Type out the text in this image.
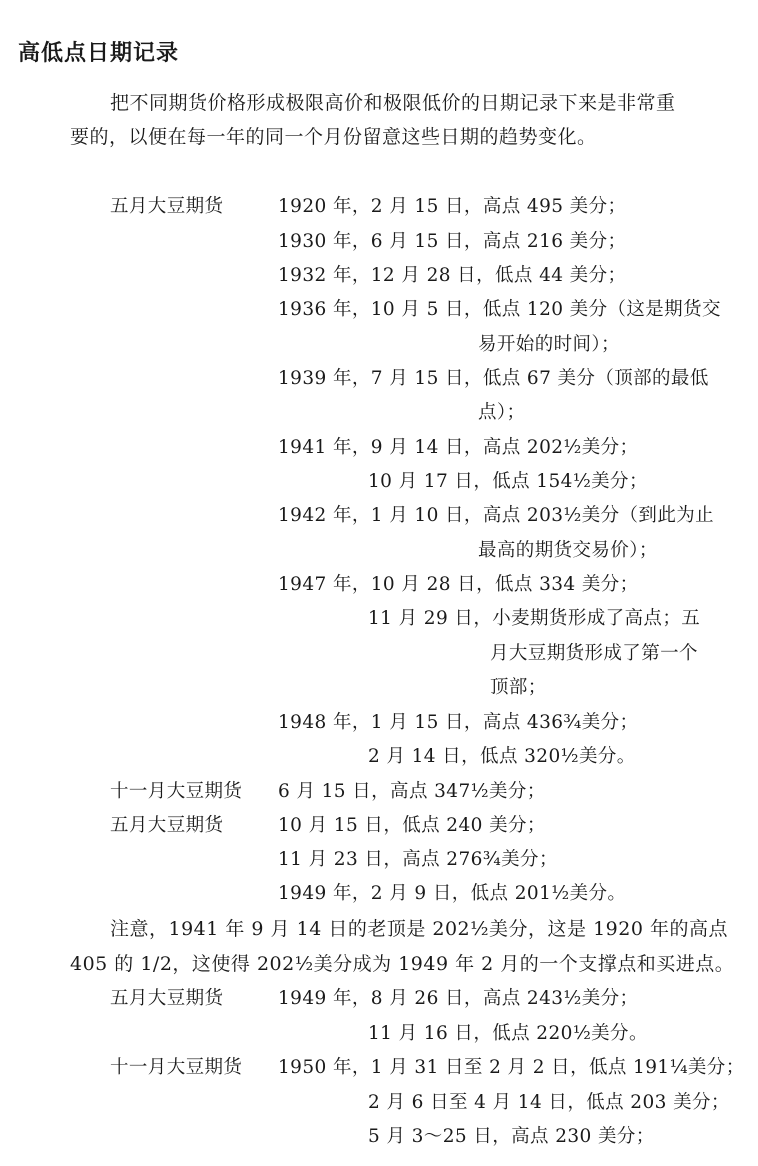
高低点日期记录
把不同期货价格形成极限高价和极限低价的日期记录下来是非常重
要的，以便在每一年的同一个月份留意这些日期的趋势变化。
五月大豆期货	1920 年，2 月 15 日，高点 495 美分；
1930 年，6 月 15 日，高点 216 美分；
1932 年，12 月 28 日，低点 44 美分；
1936 年，10 月 5 日，低点 120 美分（这是期货交
易开始的时间）；
1939 年，7 月 15 日，低点 67 美分（顶部的最低
点）；
1941 年，9 月 14 日，高点 202½美分；
10 月 17 日，低点 154½美分；
1942 年，1 月 10 日，高点 203½美分（到此为止
最高的期货交易价）；
1947 年，10 月 28 日，低点 334 美分；
11 月 29 日，小麦期货形成了高点；五
月大豆期货形成了第一个
顶部；
1948 年，1 月 15 日，高点 436¾美分；
2 月 14 日，低点 320½美分。
十一月大豆期货 6 月 15 日，高点 347½美分；
五月大豆期货	10 月 15 日，低点 240 美分；
11 月 23 日，高点 276¾美分；
1949 年，2 月 9 日，低点 201½美分。
注意，1941 年 9 月 14 日的老顶是 202½美分，这是 1920 年的高点
405 的 1/2，这使得 202½美分成为 1949 年 2 月的一个支撑点和买进点。
五月大豆期货	1949 年，8 月 26 日，高点 243½美分；
11 月 16 日，低点 220½美分。
十一月大豆期货 1950 年，1 月 31 日至 2 月 2 日，低点 191¼美分；
2 月 6 日至 4 月 14 日，低点 203 美分；
5 月 3～25 日，高点 230 美分；
